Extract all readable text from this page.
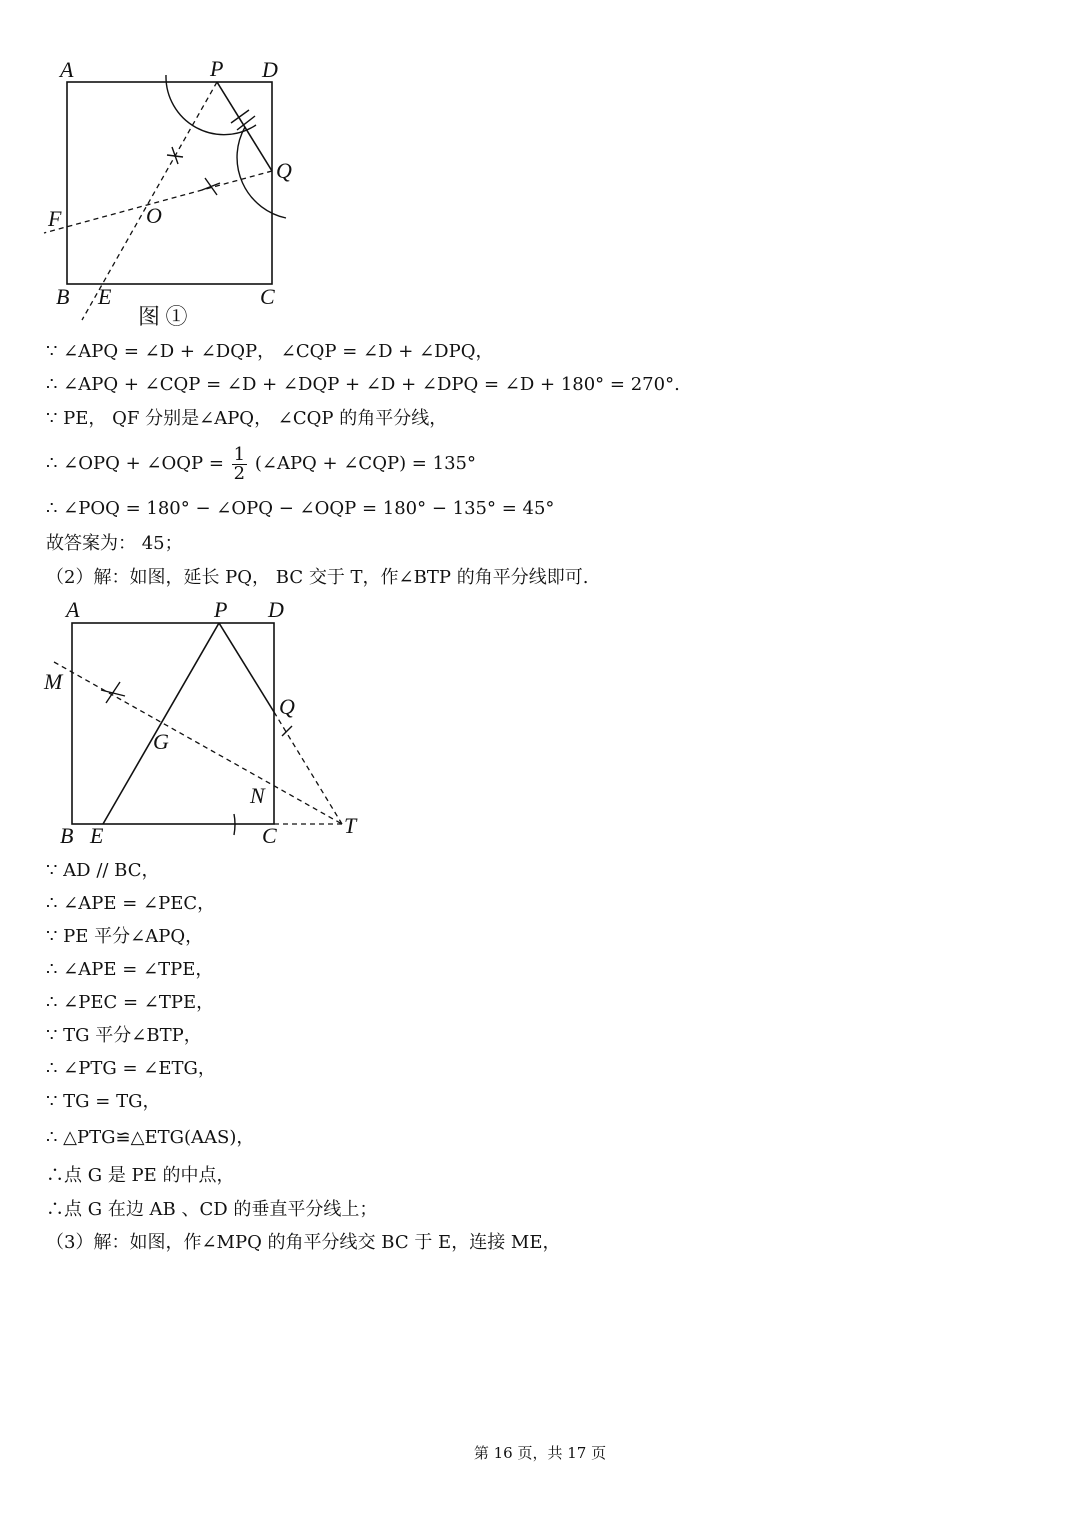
A	P D
Q
F	O
B E	C
图 ①
∵ ∠APQ = ∠D + ∠DQP， ∠CQP = ∠D + ∠DPQ，
∴ ∠APQ + ∠CQP = ∠D + ∠DQP + ∠D + ∠DPQ = ∠D + 180° = 270°.
∵ PE， QF 分别是∠APQ， ∠CQP 的角平分线，
∴ ∠OPQ + ∠OQP = $\frac{1}{2}$ (∠APQ + ∠CQP) = 135°
∴ ∠POQ = 180° − ∠OPQ − ∠OQP = 180° − 135° = 45°
故答案为： 45；
（2）解：如图，延长 PQ， BC 交于 T，作∠BTP 的角平分线即可.
A	P D
M
Q
G
N
B E	C	T
∵ AD // BC，
∴ ∠APE = ∠PEC，
∵ PE 平分∠APQ，
∴ ∠APE = ∠TPE，
∴ ∠PEC = ∠TPE，
∵ TG 平分∠BTP，
∴ ∠PTG = ∠ETG，
∵ TG = TG，
∴ △PTG≌△ETG(AAS)，
∴点 G 是 PE 的中点，
∴点 G 在边 AB 、CD 的垂直平分线上；
（3）解：如图，作∠MPQ 的角平分线交 BC 于 E，连接 ME，
第 16 页，共 17 页
